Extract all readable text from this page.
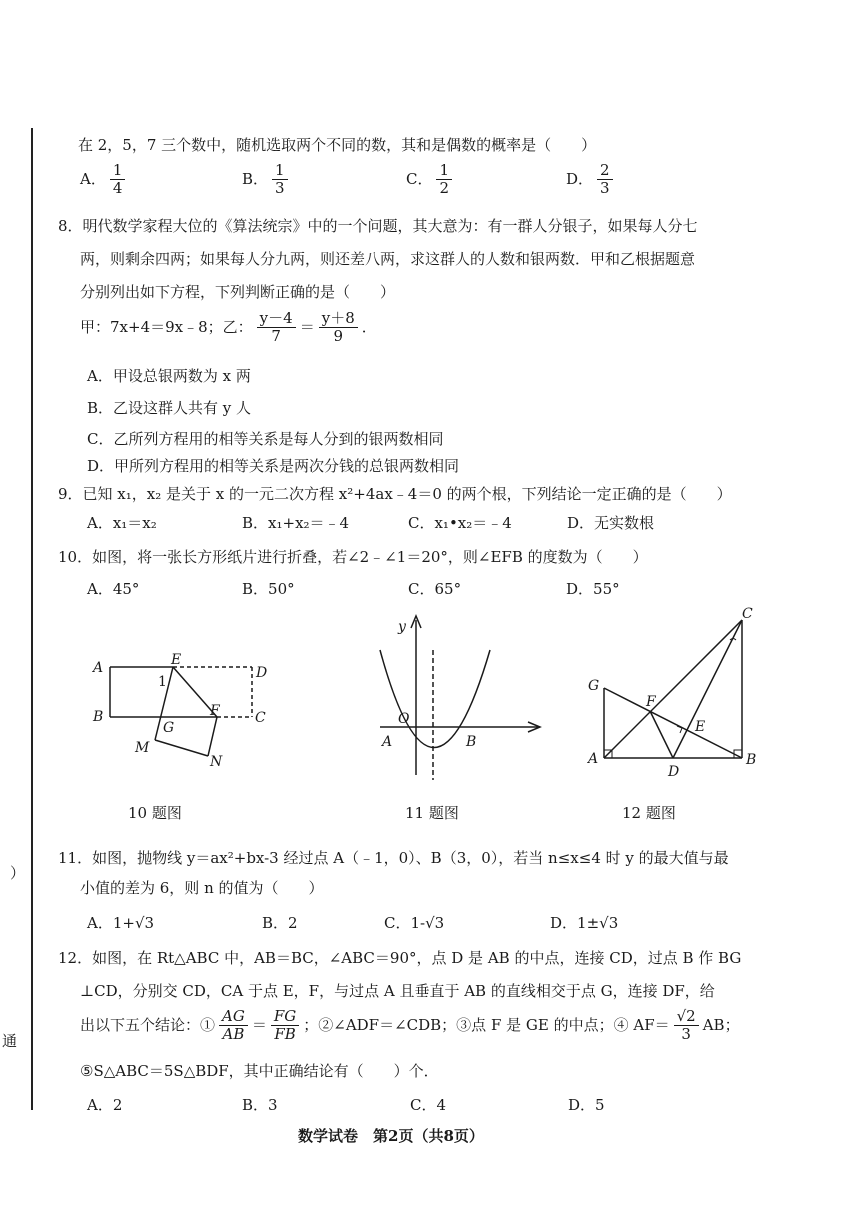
）
通
在 2，5，7 三个数中，随机选取两个不同的数，其和是偶数的概率是（　　）
A． $\frac{1}{4}$	B． $\frac{1}{3}$	C． $\frac{1}{2}$	D． $\frac{2}{3}$
8．明代数学家程大位的《算法统宗》中的一个问题，其大意为：有一群人分银子，如果每人分七
两，则剩余四两；如果每人分九两，则还差八两，求这群人的人数和银两数．甲和乙根据题意
分别列出如下方程，下列判断正确的是（　　）
甲：7x+4＝9x﹣8；乙： $\frac{y-4}{7} = \frac{y+8}{9}$ ．
A．甲设总银两数为 x 两
B．乙设这群人共有 y 人
C．乙所列方程用的相等关系是每人分到的银两数相同
D．甲所列方程用的相等关系是两次分钱的总银两数相同
9．已知 x₁，x₂ 是关于 x 的一元二次方程 x²+4ax﹣4＝0 的两个根，下列结论一定正确的是（　　）
A．x₁＝x₂	B．x₁+x₂＝﹣4	C．x₁•x₂＝﹣4	D．无实数根
10．如图，将一张长方形纸片进行折叠，若∠2﹣∠1＝20°，则∠EFB 的度数为（　　）
A．45°	B．50°	C．65°	D．55°
A	E
D
1
B
G
F	C
M
N
10 题图
y
O
A	B
11 题图
C
G
F
E
A
D
B
12 题图
11．如图，抛物线 y＝ax²+bx-3 经过点 A（﹣1，0）、B（3，0），若当 n≤x≤4 时 y 的最大值与最
小值的差为 6，则 n 的值为（　　）
A．1+√3	B．2	C．1-√3	D．1±√3
12．如图，在 Rt△ABC 中，AB＝BC，∠ABC＝90°，点 D 是 AB 的中点，连接 CD，过点 B 作 BG
⊥CD，分别交 CD，CA 于点 E，F，与过点 A 且垂直于 AB 的直线相交于点 G，连接 DF，给
出以下五个结论：① $\frac{AG}{AB} = \frac{FG}{FB}$ ；②∠ADF＝∠CDB；③点 F 是 GE 的中点；④ $AF= \frac{√2}{3}$ AB；
⑤S△ABC＝5S△BDF，其中正确结论有（　　）个．
A．2	B．3	C．4	D．5
数学试卷　第2页（共8页）
